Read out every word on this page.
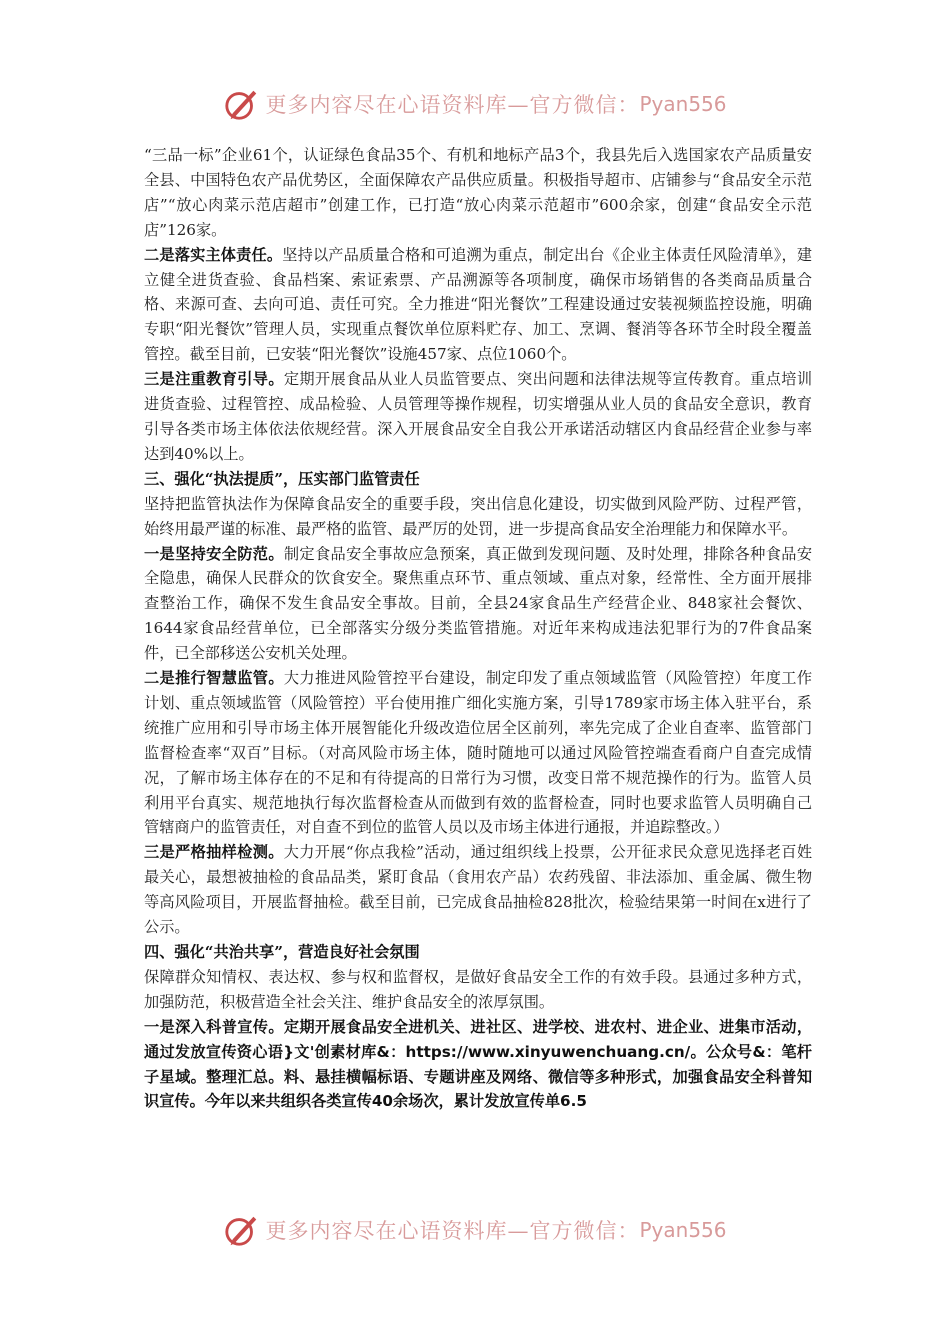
更多内容尽在心语资料库—官方微信： Pyan556

“三品一标”企业61个，认证绿色食品35个、有机和地标产品3个，我县先后入选国家农产品质量安全县、中国特色农产品优势区，全面保障农产品供应质量。积极指导超市、店铺参与“食品安全示范店”“放心肉菜示范店超市”创建工作，已打造“放心肉菜示范超市”600余家，创建“食品安全示范店”126家。

二是落实主体责任。坚持以产品质量合格和可追溯为重点，制定出台《企业主体责任风险清单》，建立健全进货查验、食品档案、索证索票、产品溯源等各项制度，确保市场销售的各类商品质量合格、来源可查、去向可追、责任可究。全力推进“阳光餐饮”工程建设通过安装视频监控设施，明确专职“阳光餐饮”管理人员，实现重点餐饮单位原料贮存、加工、烹调、餐消等各环节全时段全覆盖管控。截至目前，已安装“阳光餐饮”设施457家、点位1060个。

三是注重教育引导。定期开展食品从业人员监管要点、突出问题和法律法规等宣传教育。重点培训进货查验、过程管控、成品检验、人员管理等操作规程，切实增强从业人员的食品安全意识，教育引导各类市场主体依法依规经营。深入开展食品安全自我公开承诺活动辖区内食品经营企业参与率达到40%以上。

三、强化“执法提质”，压实部门监管责任

坚持把监管执法作为保障食品安全的重要手段，突出信息化建设，切实做到风险严防、过程严管，始终用最严谨的标准、最严格的监管、最严厉的处罚，进一步提高食品安全治理能力和保障水平。

一是坚持安全防范。制定食品安全事故应急预案，真正做到发现问题、及时处理，排除各种食品安全隐患，确保人民群众的饮食安全。聚焦重点环节、重点领域、重点对象，经常性、全方面开展排查整治工作，确保不发生食品安全事故。目前，全县24家食品生产经营企业、848家社会餐饮、1644家食品经营单位，已全部落实分级分类监管措施。对近年来构成违法犯罪行为的7件食品案件，已全部移送公安机关处理。

二是推行智慧监管。大力推进风险管控平台建设，制定印发了重点领域监管（风险管控）年度工作计划、重点领域监管（风险管控）平台使用推广细化实施方案，引导1789家市场主体入驻平台，系统推广应用和引导市场主体开展智能化升级改造位居全区前列，率先完成了企业自查率、监管部门监督检查率“双百”目标。（对高风险市场主体，随时随地可以通过风险管控端查看商户自查完成情况，了解市场主体存在的不足和有待提高的日常行为习惯，改变日常不规范操作的行为。监管人员利用平台真实、规范地执行每次监督检查从而做到有效的监督检查，同时也要求监管人员明确自己管辖商户的监管责任，对自查不到位的监管人员以及市场主体进行通报，并追踪整改。）

三是严格抽样检测。大力开展“你点我检”活动，通过组织线上投票，公开征求民众意见选择老百姓最关心，最想被抽检的食品品类，紧盯食品（食用农产品）农药残留、非法添加、重金属、微生物等高风险项目，开展监督抽检。截至目前，已完成食品抽检828批次，检验结果第一时间在x进行了公示。

四、强化“共治共享”，营造良好社会氛围

保障群众知情权、表达权、参与权和监督权，是做好食品安全工作的有效手段。县通过多种方式，加强防范，积极营造全社会关注、维护食品安全的浓厚氛围。

一是深入科普宣传。定期开展食品安全进机关、进社区、进学校、进农村、进企业、进集市活动，通过发放宣传资心语}文'创素材库&：https://www.xinyuwenchuang.cn/。公众号&：笔杆子星域。整理汇总。料、悬挂横幅标语、专题讲座及网络、微信等多种形式，加强食品安全科普知识宣传。今年以来共组织各类宣传40余场次，累计发放宣传单6.5

更多内容尽在心语资料库—官方微信： Pyan556
